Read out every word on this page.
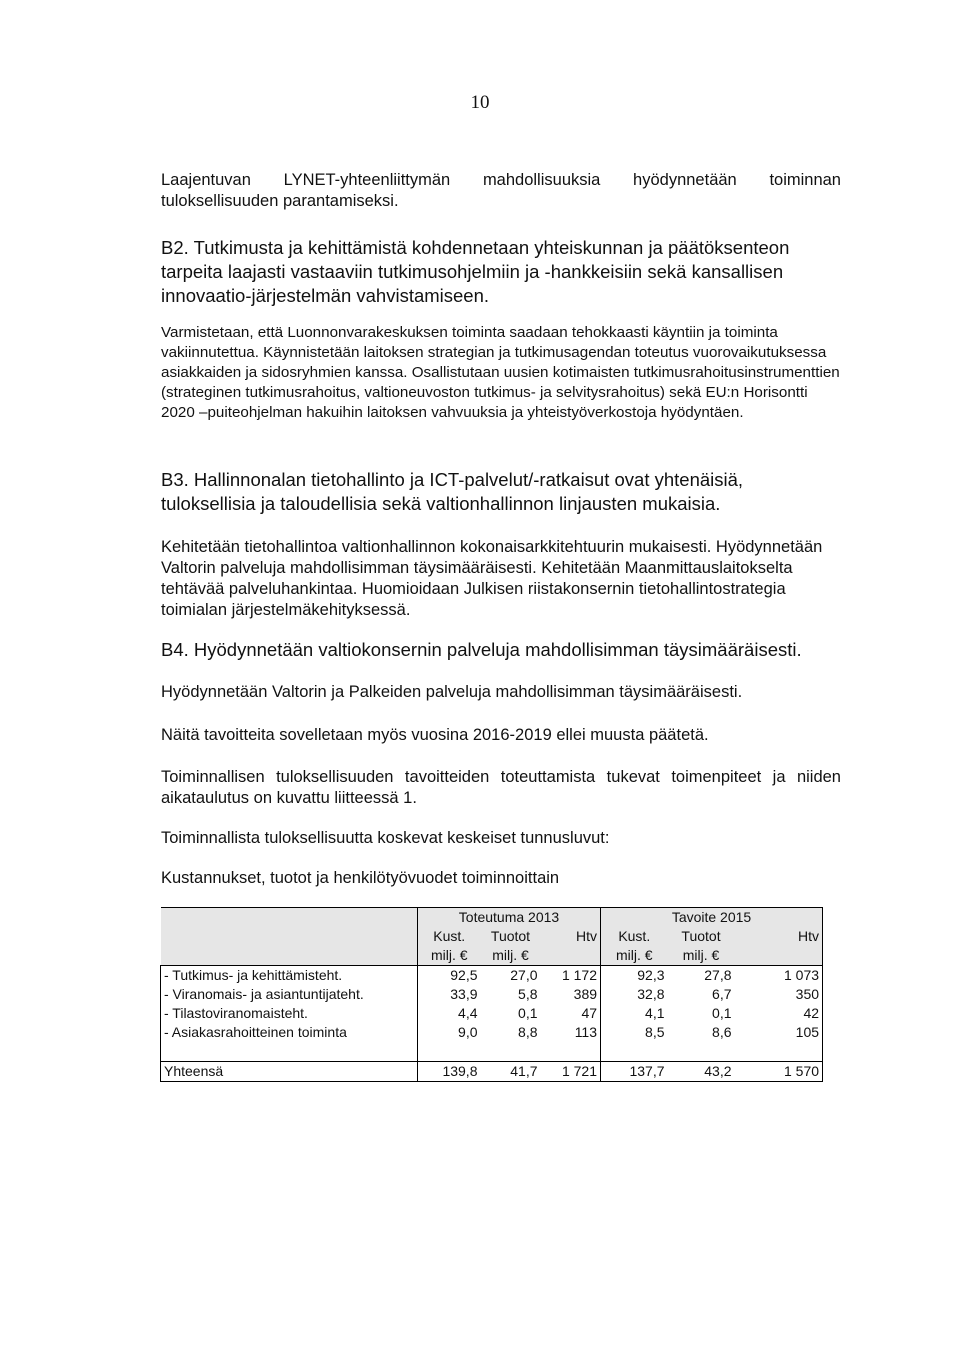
10
Laajentuvan LYNET-yhteenliittymän mahdollisuuksia hyödynnetään toiminnan
tuloksellisuuden parantamiseksi.

B2. Tutkimusta ja kehittämistä kohdennetaan yhteiskunnan ja päätöksenteon tarpeita laajasti vastaaviin tutkimusohjelmiin ja -hankkeisiin sekä kansallisen innovaatio-järjestelmän vahvistamiseen.

Varmistetaan, että Luonnonvarakeskuksen toiminta saadaan tehokkaasti käyntiin ja toiminta vakiinnutettua. Käynnistetään laitoksen strategian ja tutkimusagendan toteutus vuorovaikutuksessa asiakkaiden ja sidosryhmien kanssa. Osallistutaan uusien kotimaisten tutkimusrahoitusinstrumenttien (strateginen tutkimusrahoitus, valtioneuvoston tutkimus- ja selvitysrahoitus) sekä EU:n Horisontti 2020 –puiteohjelman hakuihin laitoksen vahvuuksia ja yhteistyöverkostoja hyödyntäen.

B3. Hallinnonalan tietohallinto ja ICT-palvelut/-ratkaisut ovat yhtenäisiä, tuloksellisia ja taloudellisia sekä valtionhallinnon linjausten mukaisia.

Kehitetään tietohallintoa valtionhallinnon kokonaisarkkitehtuurin mukaisesti. Hyödynnetään Valtorin palveluja mahdollisimman täysimääräisesti. Kehitetään Maanmittauslaitokselta tehtävää palveluhankintaa. Huomioidaan Julkisen riistakonsernin tietohallintostrategia toimialan järjestelmäkehityksessä.

B4. Hyödynnetään valtiokonsernin palveluja mahdollisimman täysimääräisesti.

Hyödynnetään Valtorin ja Palkeiden palveluja mahdollisimman täysimääräisesti.

Näitä tavoitteita sovelletaan myös vuosina 2016-2019 ellei muusta päätetä.

Toiminnallisen tuloksellisuuden tavoitteiden toteuttamista tukevat toimenpiteet ja niiden aikataulutus on kuvattu liitteessä 1.

Toiminnallista tuloksellisuutta koskevat keskeiset tunnusluvut:

Kustannukset, tuotot ja henkilötyövuodet toiminnoittain

	Toteutuma 2013			Tavoite 2015		
	Kust.	Tuotot	Htv	Kust.	Tuotot	Htv
	milj. €	milj. €		milj. €	milj. €	
- Tutkimus- ja kehittämisteht.	92,5	27,0	1 172	92,3	27,8	1 073
- Viranomais- ja asiantuntijateht.	33,9	5,8	389	32,8	6,7	350
- Tilastoviranomaisteht.	4,4	0,1	47	4,1	0,1	42
- Asiakasrahoitteinen toiminta	9,0	8,8	113	8,5	8,6	105

Yhteensä	139,8	41,7	1 721	137,7	43,2	1 570
